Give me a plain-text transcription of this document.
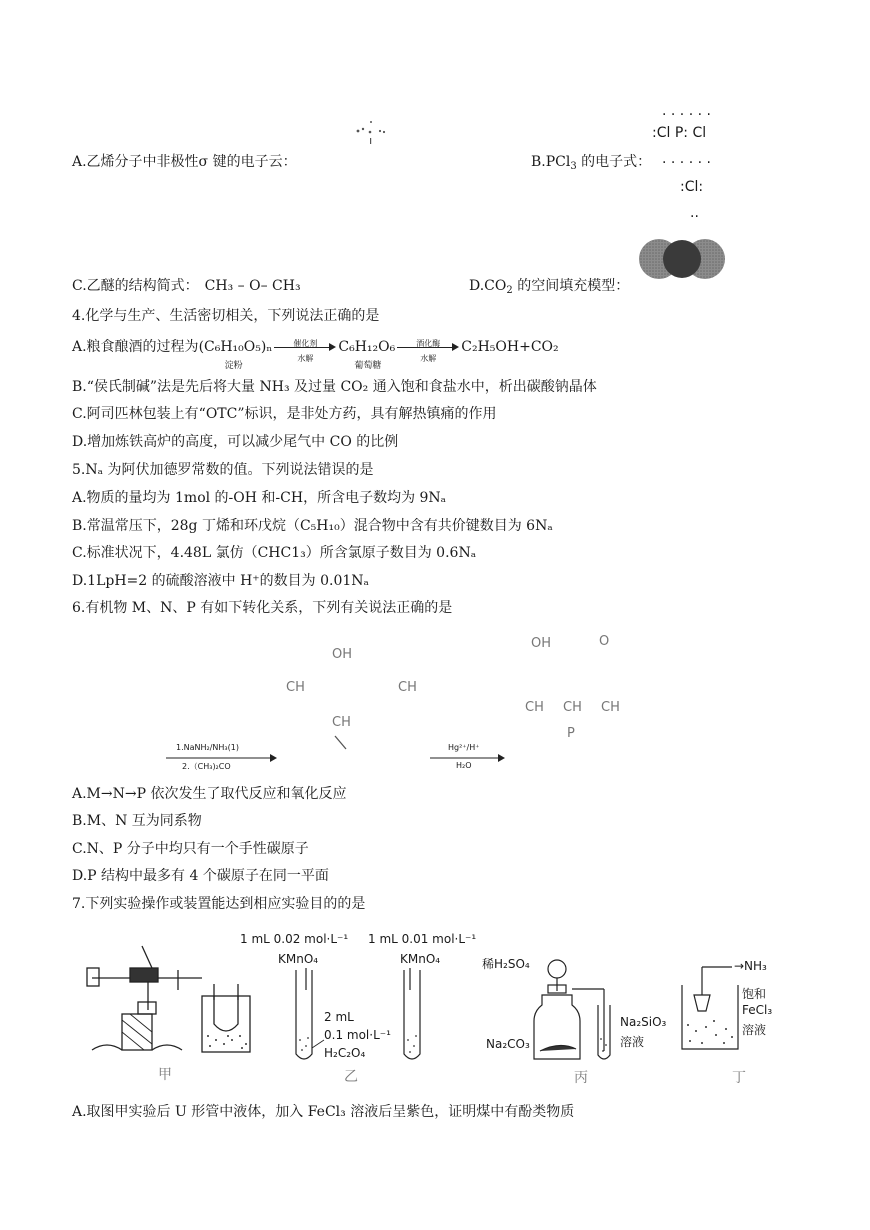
A.乙烯分子中非极性σ 键的电子云：
. . . . . .
:Cl P: Cl
. . . . . .
:Cl:
..
B.PCl$_3$ 的电子式：
C.乙醚的结构简式： CH₃ – O– CH₃	$D.CO_2$ 的空间填充模型：
4.化学与生产、生活密切相关，下列说法正确的是
A.粮食酿酒的过程为(C₆H₁₀O₅)ₙ
淀粉
催化剂
水解
C₆H₁₂O₆
葡萄糖
酒化酶
水解
C₂H₅OH+CO₂
B.“侯氏制碱”法是先后将大量 NH₃ 及过量 CO₂ 通入饱和食盐水中，析出碳酸钠晶体
C.阿司匹林包装上有“OTC”标识，是非处方药，具有解热镇痛的作用
D.增加炼铁高炉的高度，可以减少尾气中 CO 的比例
5.Nₐ 为阿伏加德罗常数的值。下列说法错误的是
A.物质的量均为 1mol 的-OH 和-CH，所含电子数均为 9Nₐ
B.常温常压下，28g 丁烯和环戊烷（C₅H₁₀）混合物中含有共价键数目为 6Nₐ
C.标准状况下，4.48L 氯仿（CHC1₃）所含氯原子数目为 0.6Nₐ
D.1LpH=2 的硫酸溶液中 H⁺的数目为 0.01Nₐ
6.有机物 M、N、P 有如下转化关系，下列有关说法正确的是
OH
CH	CH
CH
OH	O
CH CH CH
P
1.NaNH₂/NH₃(1)
2.（CH₃)₂CO
Hg²⁺/H⁺
H₂O
A.M→N→P 依次发生了取代反应和氧化反应
B.M、N 互为同系物
C.N、P 分子中均只有一个手性碳原子
D.P 结构中最多有 4 个碳原子在同一平面
7.下列实验操作或装置能达到相应实验目的的是
甲
1 mL 0.02 mol·L⁻¹ 1 mL 0.01 mol·L⁻¹
KMnO₄	KMnO₄
2 mL
0.1 mol·L⁻¹
H₂C₂O₄
乙
稀H₂SO₄
Na₂CO₃
Na₂SiO₃
溶液
丙
→NH₃
饱和
FeCl₃
溶液
丁
A.取图甲实验后 U 形管中液体，加入 FeCl₃ 溶液后呈紫色，证明煤中有酚类物质
